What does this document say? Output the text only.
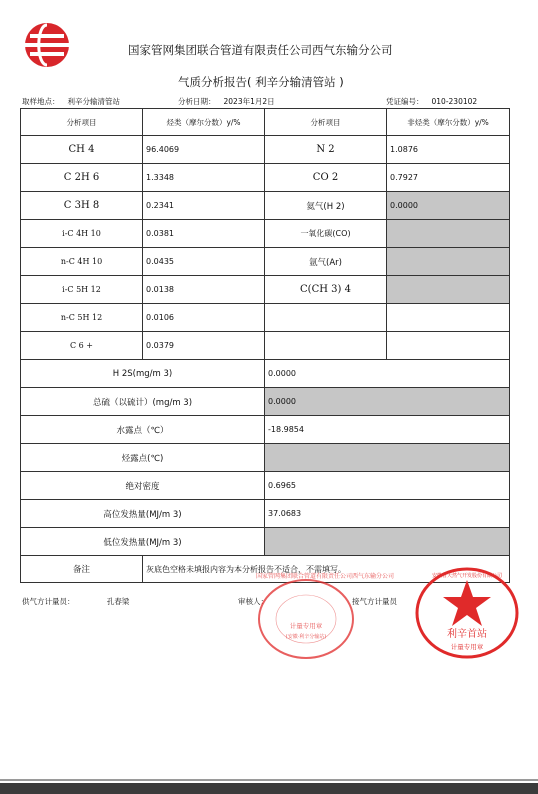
国家管网集团联合管道有限责任公司西气东输分公司
气质分析报告( 利辛分输清管站 )
取样地点： 利辛分输清管站	分析日期： 2023年1月2日	凭证编号： 010-230102
分析项目	烃类（摩尔分数）y/%	分析项目	非烃类（摩尔分数）y/%
CH 4	96.4069	N 2	1.0876
C 2H 6	1.3348	CO 2	0.7927
C 3H 8	0.2341	氦气(H 2)	0.0000
i-C 4H 10	0.0381	一氧化碳(CO)	
n-C 4H 10	0.0435	氩气(Ar)	
i-C 5H 12	0.0138	C(CH 3) 4	
n-C 5H 12	0.0106		
C 6 +	0.0379		
H 2S(mg/m 3)		0.0000	
总硫（以硫计）(mg/m 3)		0.0000	
水露点（℃）		-18.9854	
烃露点(℃)			
绝对密度		0.6965	
高位发热量(MJ/m 3)		37.0683	
低位发热量(MJ/m 3)			
备注	灰底色空格未填报内容为本分析报告不适合，不需填写。		
供气方计量员：	孔春梁	审核人：	接气方计量员
国家管网集团联合管道有限责任公司西气东输分公司
计量专用章
(安徽·利辛分输站)	利辛首站
计量专用章
安徽省天然气开发股份有限公司
